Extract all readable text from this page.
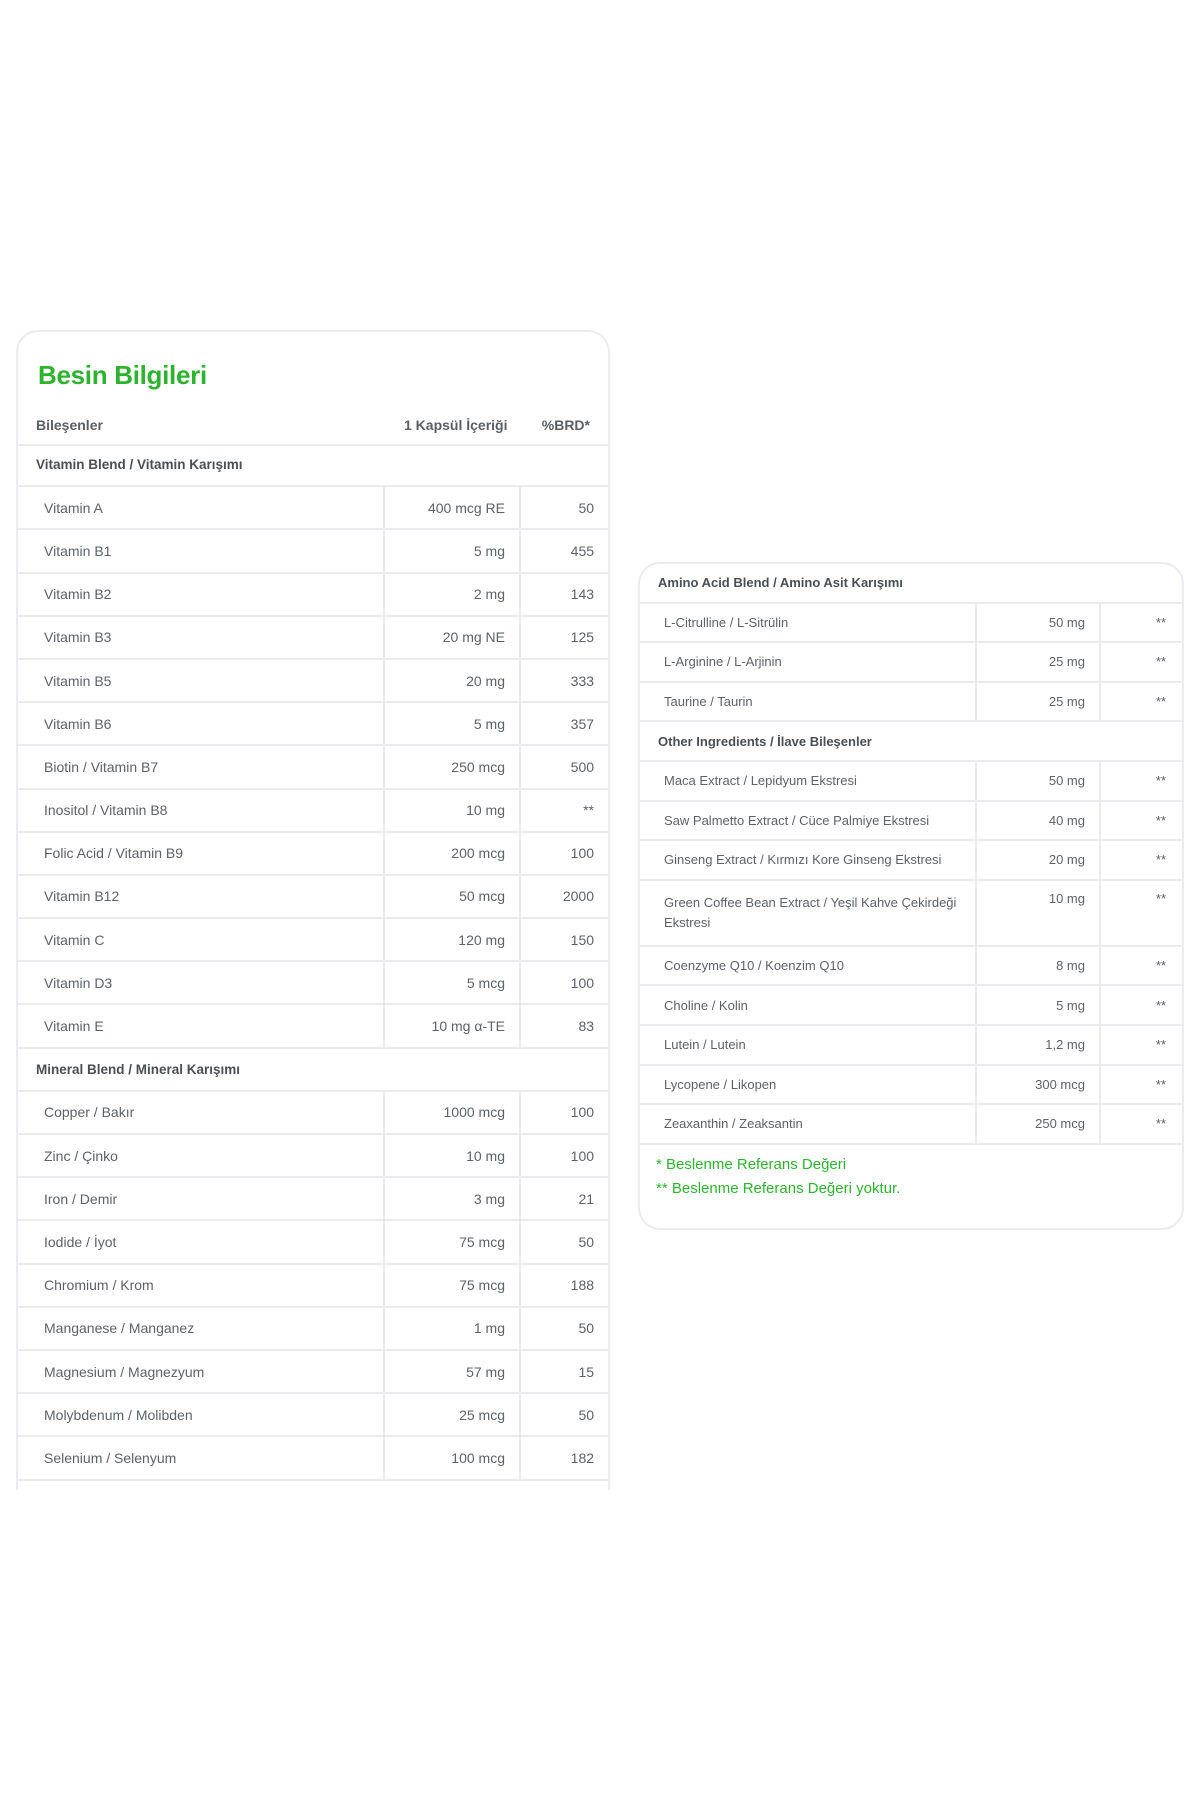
Besin Bilgileri
Bileşenler	1 Kapsül İçeriği %BRD*
Vitamin Blend / Vitamin Karışımı		
Vitamin A	400 mcg RE	50
Vitamin B1	5 mg	455
Vitamin B2	2 mg	143
Vitamin B3	20 mg NE	125
Vitamin B5	20 mg	333
Vitamin B6	5 mg	357
Biotin / Vitamin B7	250 mcg	500
Inositol / Vitamin B8	10 mg	**
Folic Acid / Vitamin B9	200 mcg	100
Vitamin B12	50 mcg	2000
Vitamin C	120 mg	150
Vitamin D3	5 mcg	100
Vitamin E	10 mg α-TE	83
Mineral Blend / Mineral Karışımı		
Copper / Bakır	1000 mcg	100
Zinc / Çinko	10 mg	100
Iron / Demir	3 mg	21
Iodide / İyot	75 mcg	50
Chromium / Krom	75 mcg	188
Manganese / Manganez	1 mg	50
Magnesium / Magnezyum	57 mg	15
Molybdenum / Molibden	25 mcg	50
Selenium / Selenyum	100 mcg	182
Amino Acid Blend / Amino Asit Karışımı		
L-Citrulline / L-Sitrülin	50 mg	**
L-Arginine / L-Arjinin	25 mg	**
Taurine / Taurin	25 mg	**
Other Ingredients / İlave Bileşenler		
Maca Extract / Lepidyum Ekstresi	50 mg	**
Saw Palmetto Extract / Cüce Palmiye Ekstresi	40 mg	**
Ginseng Extract / Kırmızı Kore Ginseng Ekstresi	20 mg	**
Green Coffee Bean Extract / Yeşil Kahve Çekirdeği Ekstresi	10 mg	**
Coenzyme Q10 / Koenzim Q10	8 mg	**
Choline / Kolin	5 mg	**
Lutein / Lutein	1,2 mg	**
Lycopene / Likopen	300 mcg	**
Zeaxanthin / Zeaksantin	250 mcg	**
* Beslenme Referans Değeri
** Beslenme Referans Değeri yoktur.
